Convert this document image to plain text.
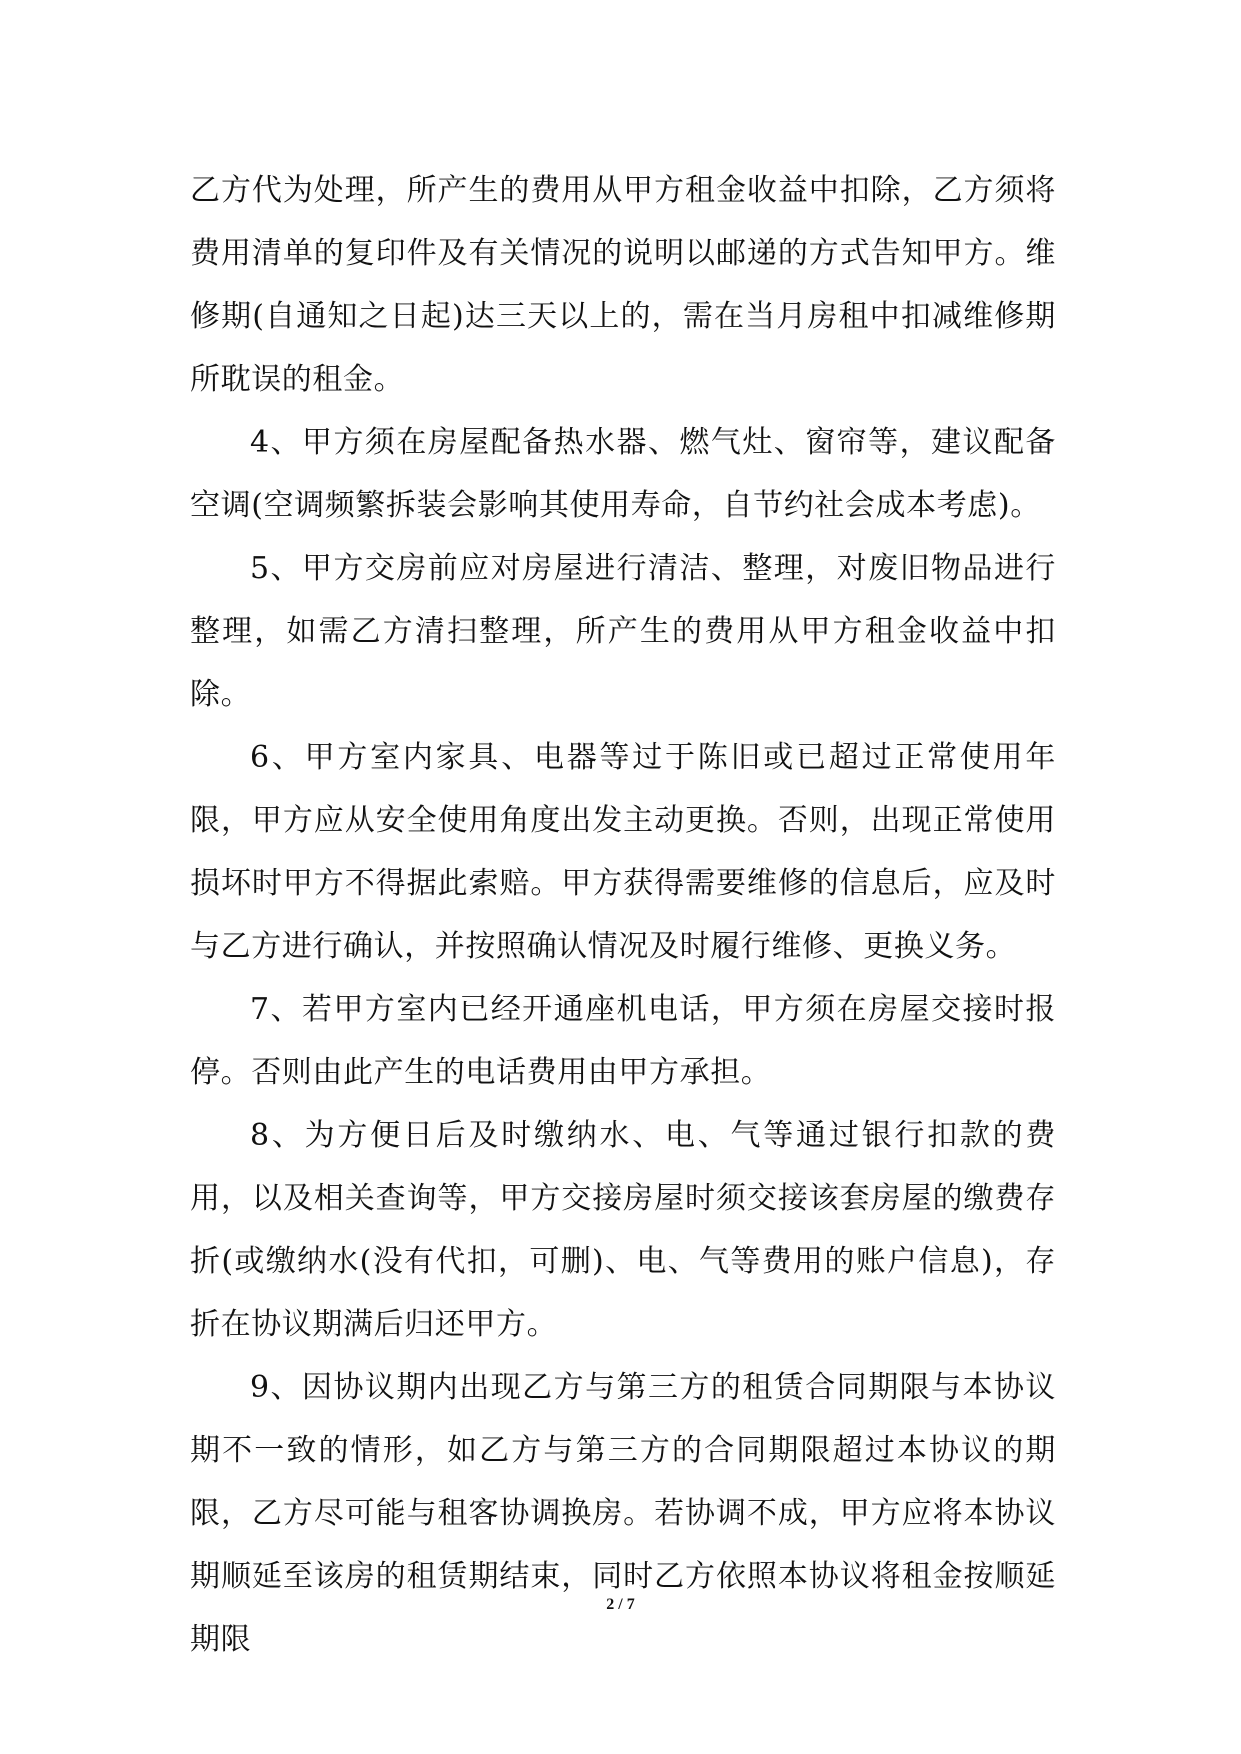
乙方代为处理，所产生的费用从甲方租金收益中扣除，乙方须将费用清单的复印件及有关情况的说明以邮递的方式告知甲方。维修期(自通知之日起)达三天以上的，需在当月房租中扣减维修期所耽误的租金。

4、甲方须在房屋配备热水器、燃气灶、窗帘等，建议配备空调(空调频繁拆装会影响其使用寿命，自节约社会成本考虑)。

5、甲方交房前应对房屋进行清洁、整理，对废旧物品进行整理，如需乙方清扫整理，所产生的费用从甲方租金收益中扣除。

6、甲方室内家具、电器等过于陈旧或已超过正常使用年限，甲方应从安全使用角度出发主动更换。否则，出现正常使用损坏时甲方不得据此索赔。甲方获得需要维修的信息后，应及时与乙方进行确认，并按照确认情况及时履行维修、更换义务。

7、若甲方室内已经开通座机电话，甲方须在房屋交接时报停。否则由此产生的电话费用由甲方承担。

8、为方便日后及时缴纳水、电、气等通过银行扣款的费用，以及相关查询等，甲方交接房屋时须交接该套房屋的缴费存折(或缴纳水(没有代扣，可删)、电、气等费用的账户信息)，存折在协议期满后归还甲方。

9、因协议期内出现乙方与第三方的租赁合同期限与本协议期不一致的情形，如乙方与第三方的合同期限超过本协议的期限，乙方尽可能与租客协调换房。若协调不成，甲方应将本协议期顺延至该房的租赁期结束，同时乙方依照本协议将租金按顺延期限

2 / 7
